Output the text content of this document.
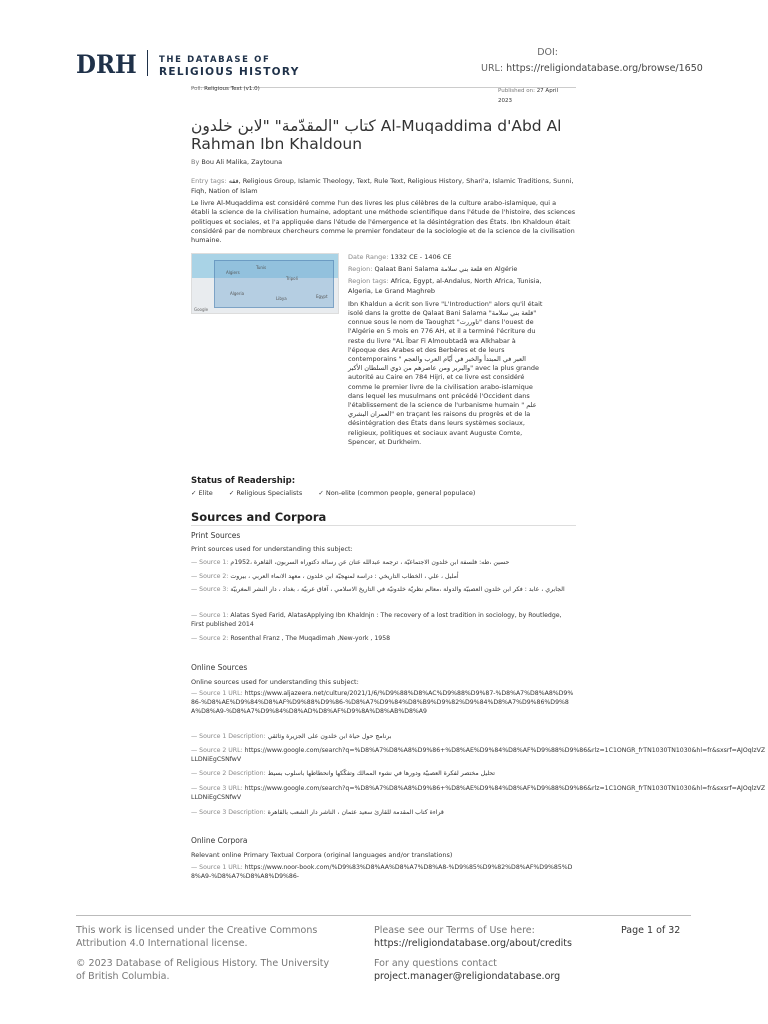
DRH	THE DATABASE OF
RELIGIOUS HISTORY
DOI:
URL: https://religiondatabase.org/browse/1650
Poll: Religious Text (v1.0)	Published on: 27 April
2023
كتاب "المقدّمة" "لابن خلدون Al-Muqaddima d'Abd Al Rahman Ibn Khaldoun
By Bou Ali Malika, Zaytouna
Entry tags: فقه, Religious Group, Islamic Theology, Text, Rule Text, Religious History, Shari'a, Islamic Traditions, Sunni, Fiqh, Nation of Islam
Le livre Al-Muqaddima est considéré comme l'un des livres les plus célèbres de la culture arabo-islamique, qui a établi la science de la civilisation humaine, adoptant une méthode scientifique dans l'étude de l'histoire, des sciences politiques et sociales, et l'a appliquée dans l'étude de l'émergence et la désintégration des États. Ibn Khaldoun était considéré par de nombreux chercheurs comme le premier fondateur de la sociologie et de la science de la civilisation humaine.
Algiers
Tunis
Tripoli
Algeria
Libya	Egypt
Google
Date Range: 1332 CE - 1406 CE
Region: Qalaat Bani Salama قلعة بني سلامة en Algérie
Region tags: Africa, Egypt, al-Andalus, North Africa, Tunisia, Algeria, Le Grand Maghreb

Ibn Khaldun a écrit son livre "L'Introduction" alors qu'il était isolé dans la grotte de Qalaat Bani Salama "قلعة بني سلامة" connue sous le nom de Taoughzt "تاوررت" dans l'ouest de l'Algérie en 5 mois en 776 AH, et il a terminé l'écriture du reste du livre "AL Îbar Fi Almoubtadâ wa Alkhabar à l'époque des Arabes et des Berbères et de leurs contemporains " العبر في المبتدأ والخبر في أيّام العرب والعجم والبربر ومن عاصرهم من ذوي السلطان الأكبر" avec la plus grande autorité au Caire en 784 Hijri, et ce livre est considéré comme le premier livre de la civilisation arabo-islamique dans lequel les musulmans ont précédé l'Occident dans l'établissement de la science de l'urbanisme humain " علم العمران البشري" en traçant les raisons du progrès et de la désintégration des États dans leurs systèmes sociaux, religieux, politiques et sociaux avant Auguste Comte, Spencer, et Durkheim.

Status of Readership:
✓ Elite ✓ Religious Specialists ✓ Non-elite (common people, general populace)
Sources and Corpora
Print Sources
Print sources used for understanding this subject:
— Source 1: حسين ،طه: فلسفة ابن خلدون الاجتماعيّة ، ترجمة عبدالله عنان عن رسالة دكتوراه السربون، القاهرة ،1952م
— Source 2: أمليل ، علي ، الخطاب التاريخي : دراسة لمنهجيّة ابن خلدون ، معهد الانماء العربي ، بيروت
— Source 3: الجابري ، عابد : فكر ابن خلدون العصبيّة والدولة ،معالم نظريّة خلدونيّة في التاريخ الاسلامي ، آفاق عربيّة ، بغداد ، دار النشر المغربيّة
— Source 1: Alatas Syed Farid, AlatasApplying Ibn Khaldnjn : The recovery of a lost tradition in sociology, by Routledge, First published 2014
— Source 2: Rosenthal Franz , The Muqadimah ,New-york , 1958
Online Sources
Online sources used for understanding this subject:
— Source 1 URL: https://www.aljazeera.net/culture/2021/1/6/%D9%88%D8%AC%D9%88%D9%87-%D8%A7%D8%A8%D9%86-%D8%AE%D9%84%D8%AF%D9%88%D9%86-%D8%A7%D9%84%D8%B9%D9%82%D9%84%D8%A7%D9%86%D9%8A%D8%A9-%D8%A7%D9%84%D8%AD%D8%AF%D9%8A%D8%AB%D8%A9
— Source 1 Description: برنامج حول حياة ابن خلدون على الجزيرة وثائقي
— Source 2 URL: https://www.google.com/search?q=%D8%A7%D8%A8%D9%86+%D8%AE%D9%84%D8%AF%D9%88%D9%86&rlz=1C1ONGR_frTN1030TN1030&hl=fr&sxsrf=AJOqlzVZLLDNiEgCSNfwV
— Source 2 Description: تحليل مختصر لفكرة العصبيّة ودورها في نشوء الممالك وتفكّكها وانحطاطها باسلوب بسيط
— Source 3 URL: https://www.google.com/search?q=%D8%A7%D8%A8%D9%86+%D8%AE%D9%84%D8%AF%D9%88%D9%86&rlz=1C1ONGR_frTN1030TN1030&hl=fr&sxsrf=AJOqlzVZLLDNiEgCSNfwV
— Source 3 Description: قراءة كتاب المقدمة للقارئ سعيد عثمان ، الناشر دار الشعب بالقاهرة
Online Corpora
Relevant online Primary Textual Corpora (original languages and/or translations)
— Source 1 URL: https://www.noor-book.com/%D9%83%D8%AA%D8%A7%D8%A8-%D9%85%D9%82%D8%AF%D9%85%D8%A9-%D8%A7%D8%A8%D9%86-
This work is licensed under the Creative Commons Attribution 4.0 International license.
© 2023 Database of Religious History. The University of British Columbia.
Please see our Terms of Use here:
https://religiondatabase.org/about/credits
For any questions contact
project.manager@religiondatabase.org
Page 1 of 32
